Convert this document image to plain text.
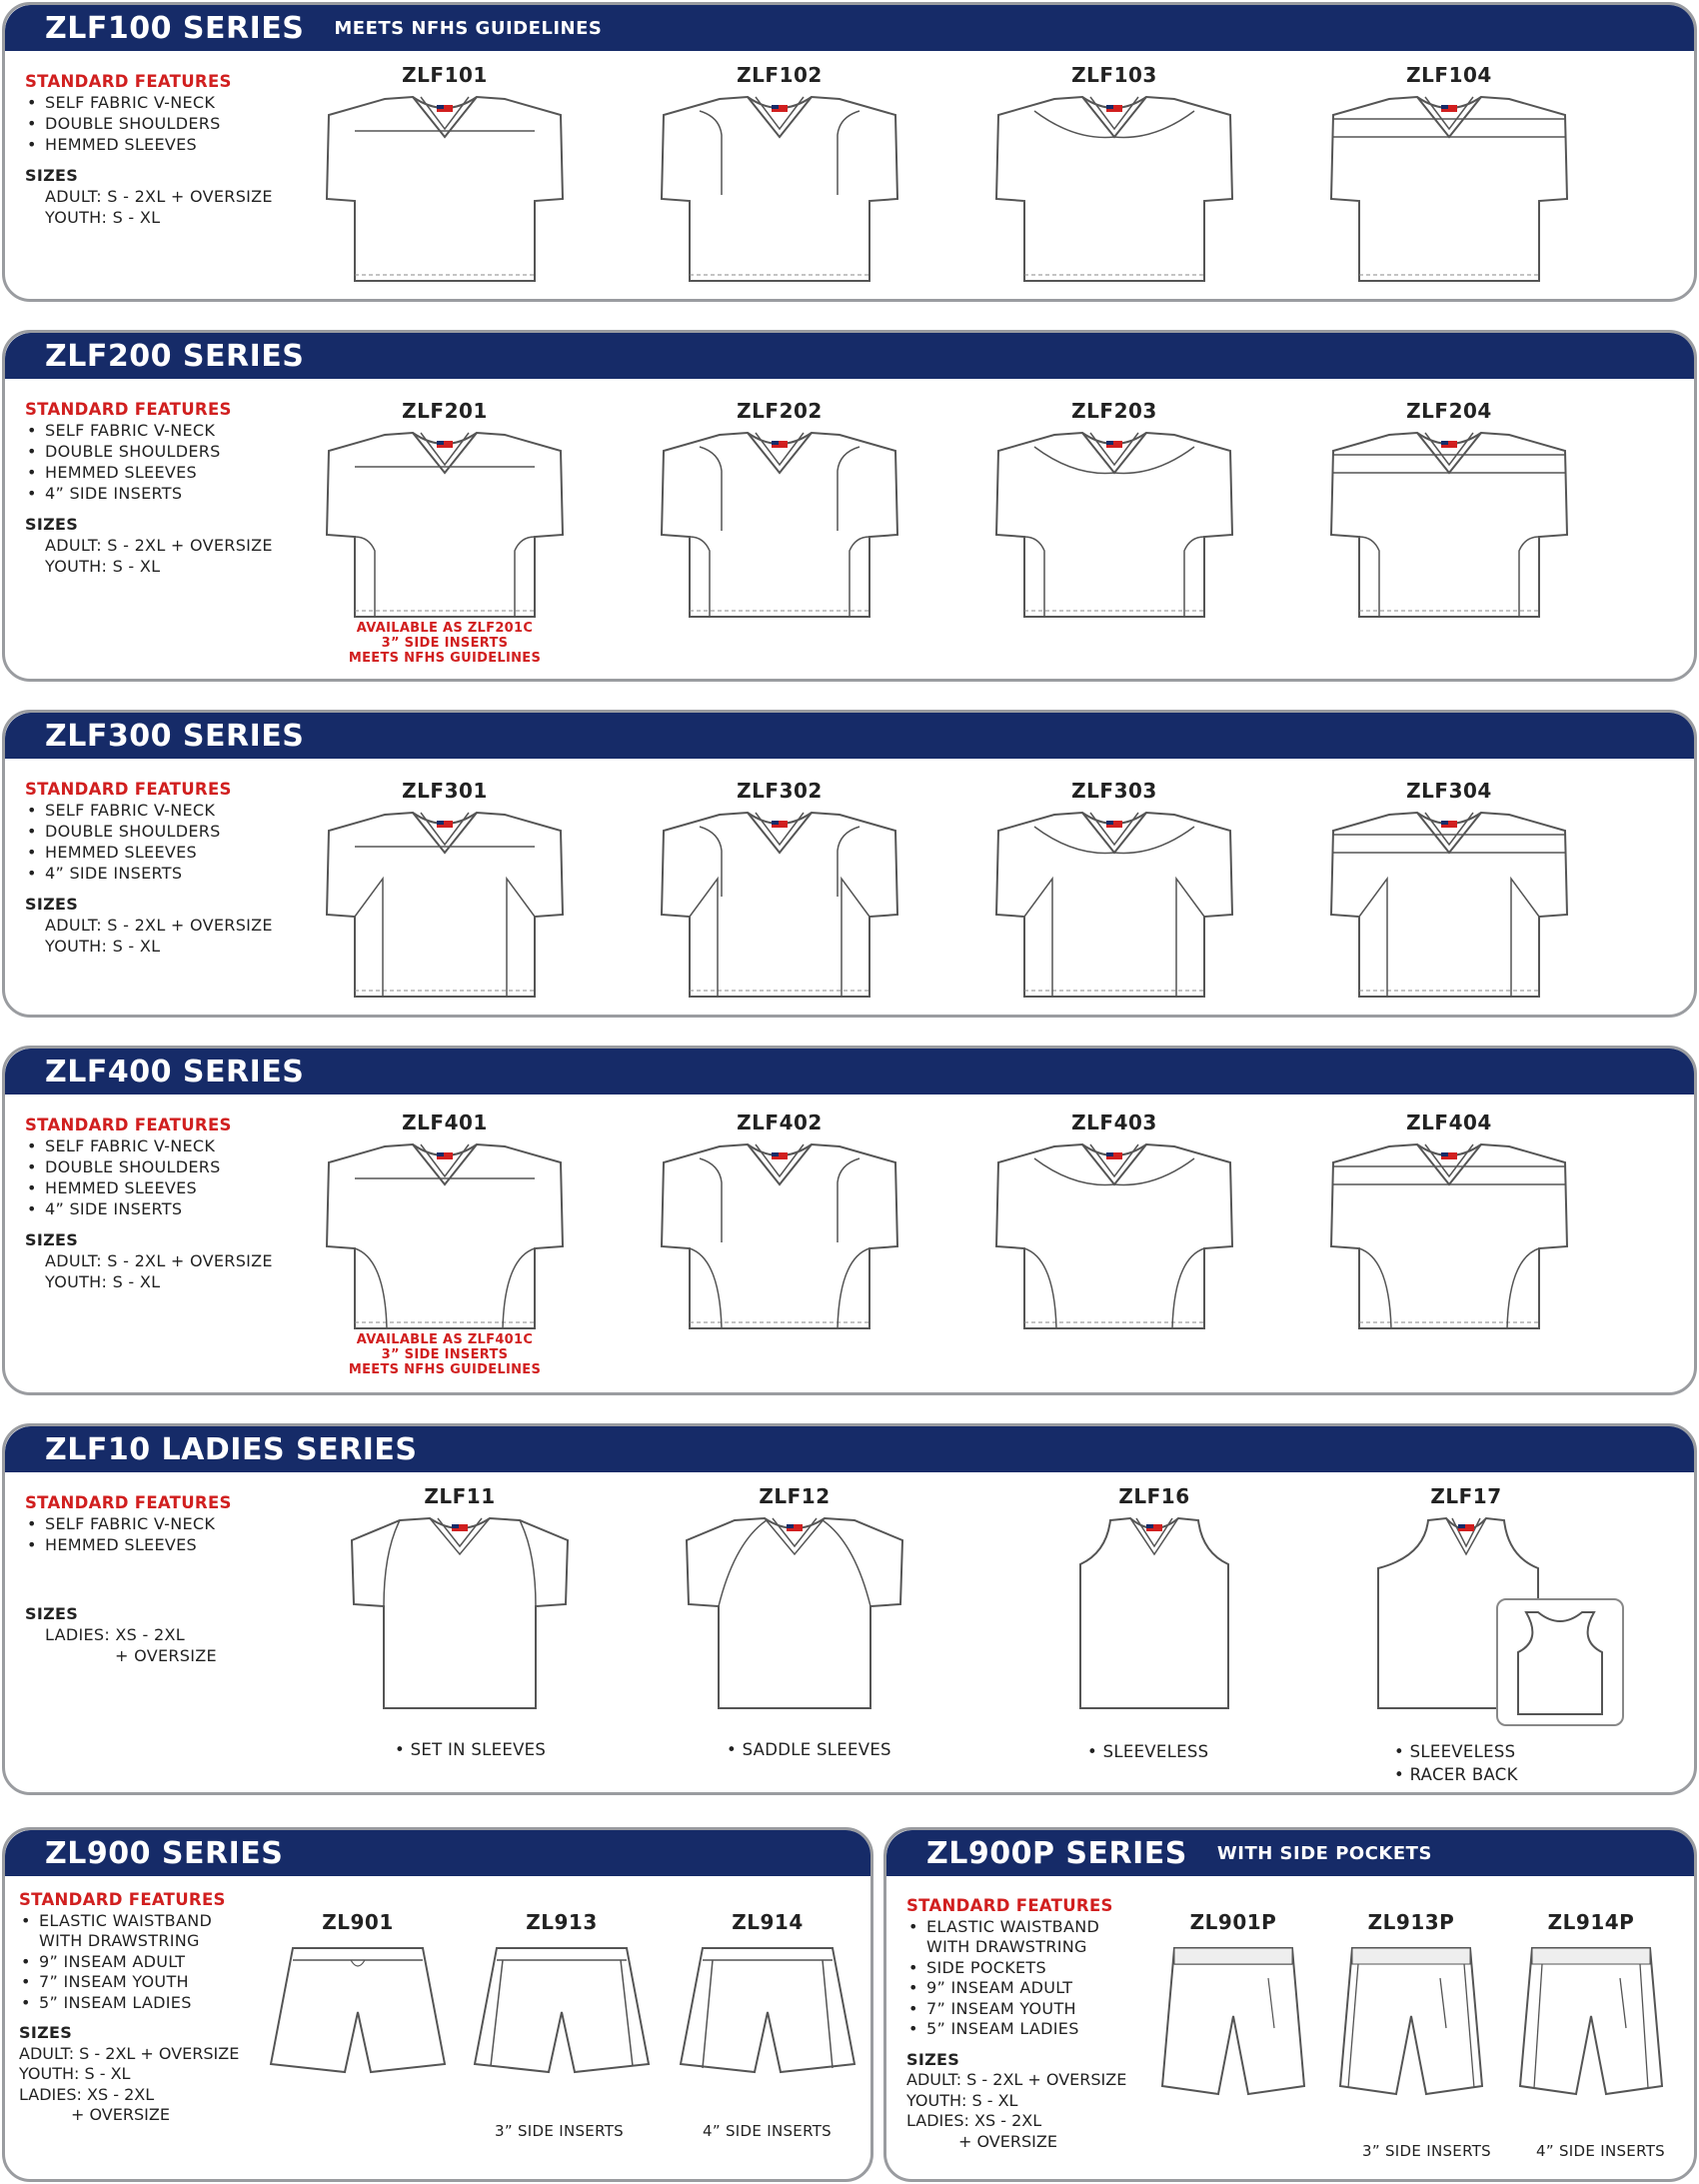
ZLF100 SERIES MEETS NFHS GUIDELINES
STANDARD FEATURES
• SELF FABRIC V-NECK
• DOUBLE SHOULDERS
• HEMMED SLEEVES
SIZES
ADULT: S - 2XL + OVERSIZE
YOUTH: S - XL
ZLF101	ZLF102	ZLF103	ZLF104
ZLF200 SERIES
STANDARD FEATURES
• SELF FABRIC V-NECK
• DOUBLE SHOULDERS
• HEMMED SLEEVES
• 4” SIDE INSERTS
SIZES
ADULT: S - 2XL + OVERSIZE
YOUTH: S - XL
ZLF201	ZLF202	ZLF203	ZLF204
AVAILABLE AS ZLF201C
3” SIDE INSERTS
MEETS NFHS GUIDELINES
ZLF300 SERIES
STANDARD FEATURES
• SELF FABRIC V-NECK
• DOUBLE SHOULDERS
• HEMMED SLEEVES
• 4” SIDE INSERTS
SIZES
ADULT: S - 2XL + OVERSIZE
YOUTH: S - XL
ZLF301	ZLF302	ZLF303	ZLF304
ZLF400 SERIES
STANDARD FEATURES
• SELF FABRIC V-NECK
• DOUBLE SHOULDERS
• HEMMED SLEEVES
• 4” SIDE INSERTS
SIZES
ADULT: S - 2XL + OVERSIZE
YOUTH: S - XL
ZLF401	ZLF402	ZLF403	ZLF404
AVAILABLE AS ZLF401C
3” SIDE INSERTS
MEETS NFHS GUIDELINES
ZLF10 LADIES SERIES
STANDARD FEATURES
• SELF FABRIC V-NECK
• HEMMED SLEEVES
SIZES
LADIES: XS - 2XL
+ OVERSIZE
ZLF11	ZLF12	ZLF16	ZLF17
• SET IN SLEEVES	• SADDLE SLEEVES	• SLEEVELESS	• SLEEVELESS
• RACER BACK
ZL900 SERIES
STANDARD FEATURES
• ELASTIC WAISTBAND
WITH DRAWSTRING
• 9” INSEAM ADULT
• 7” INSEAM YOUTH
• 5” INSEAM LADIES
SIZES
ADULT: S - 2XL + OVERSIZE
YOUTH: S - XL
LADIES: XS - 2XL
+ OVERSIZE
ZL901	ZL913	ZL914
3” SIDE INSERTS	4” SIDE INSERTS
ZL900P SERIES WITH SIDE POCKETS
STANDARD FEATURES
• ELASTIC WAISTBAND
WITH DRAWSTRING
• SIDE POCKETS
• 9” INSEAM ADULT
• 7” INSEAM YOUTH
• 5” INSEAM LADIES
SIZES
ADULT: S - 2XL + OVERSIZE
YOUTH: S - XL
LADIES: XS - 2XL
+ OVERSIZE
ZL901P	ZL913P	ZL914P
3” SIDE INSERTS	4” SIDE INSERTS
